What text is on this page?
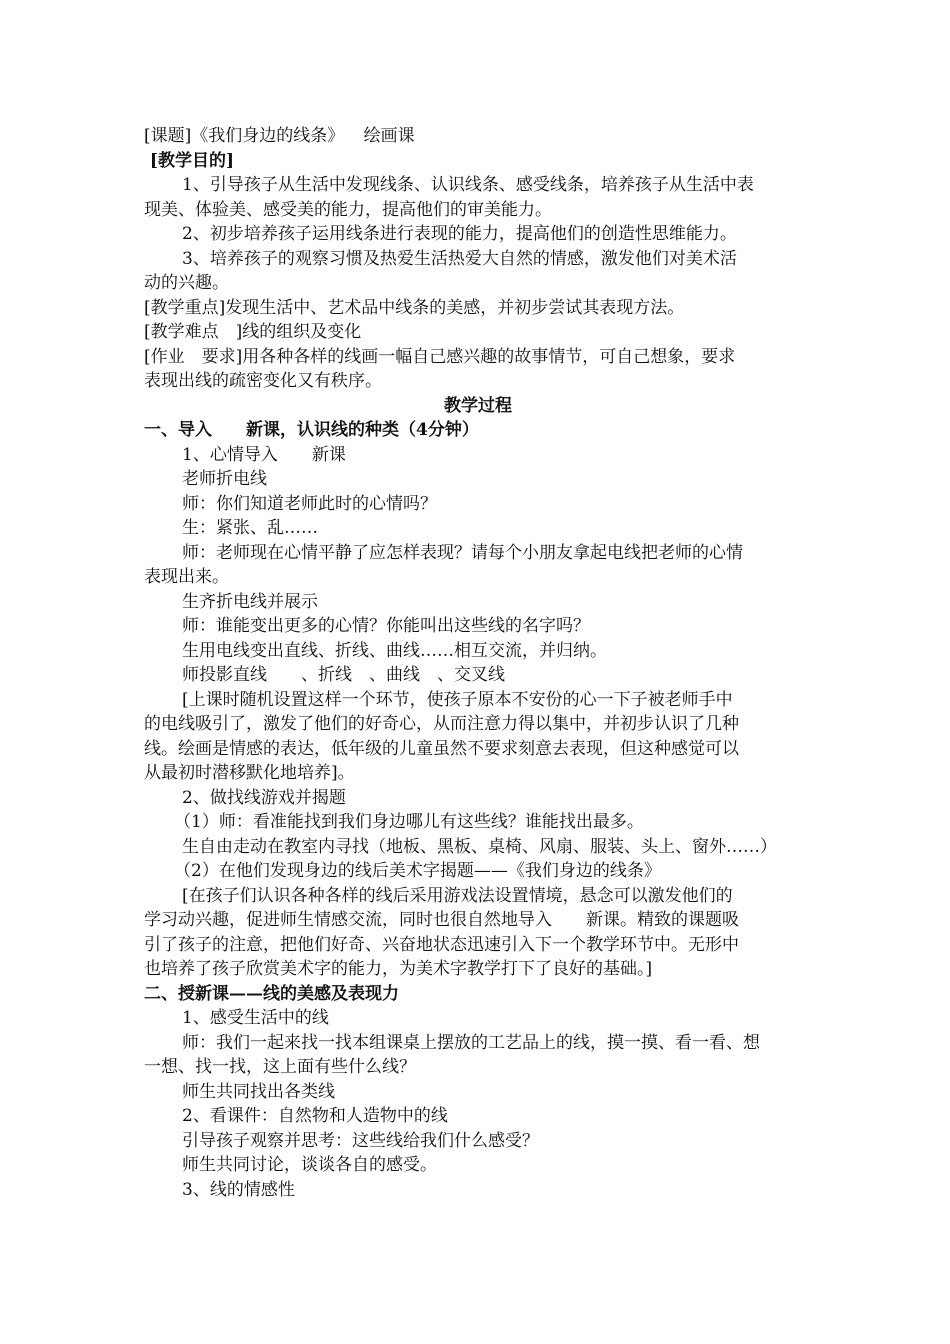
[课题]《我们身边的线条》　  绘画课
[教学目的]
1、引导孩子从生活中发现线条、认识线条、感受线条，培养孩子从生活中表
现美、体验美、感受美的能力，提高他们的审美能力。
2、初步培养孩子运用线条进行表现的能力，提高他们的创造性思维能力。
3、培养孩子的观察习惯及热爱生活热爱大自然的情感，激发他们对美术活
动的兴趣。
[教学重点]发现生活中、艺术品中线条的美感，并初步尝试其表现方法。
[教学难点　]线的组织及变化
[作业　要求]用各种各样的线画一幅自己感兴趣的故事情节，可自己想象，要求
表现出线的疏密变化又有秩序。
教学过程
一、导入　　新课，认识线的种类（4分钟）
1、心情导入　　新课
老师折电线
师：你们知道老师此时的心情吗？
生：紧张、乱……
师：老师现在心情平静了应怎样表现？请每个小朋友拿起电线把老师的心情
表现出来。
生齐折电线并展示
师：谁能变出更多的心情？你能叫出这些线的名字吗？
生用电线变出直线、折线、曲线……相互交流，并归纳。
师投影直线　　、折线　、曲线　、交叉线
[上课时随机设置这样一个环节，使孩子原本不安份的心一下子被老师手中
的电线吸引了，激发了他们的好奇心，从而注意力得以集中，并初步认识了几种
线。绘画是情感的表达，低年级的儿童虽然不要求刻意去表现，但这种感觉可以
从最初时潜移默化地培养]。
2、做找线游戏并揭题
（1）师：看准能找到我们身边哪儿有这些线？谁能找出最多。
生自由走动在教室内寻找（地板、黑板、桌椅、风扇、服装、头上、窗外……）
（2）在他们发现身边的线后美术字揭题——《我们身边的线条》
[在孩子们认识各种各样的线后采用游戏法设置情境，悬念可以激发他们的
学习动兴趣，促进师生情感交流，同时也很自然地导入　　新课。精致的课题吸
引了孩子的注意，把他们好奇、兴奋地状态迅速引入下一个教学环节中。无形中
也培养了孩子欣赏美术字的能力，为美术字教学打下了良好的基础。]
二、授新课——线的美感及表现力
1、感受生活中的线
师：我们一起来找一找本组课桌上摆放的工艺品上的线，摸一摸、看一看、想
一想、找一找，这上面有些什么线？
师生共同找出各类线
2、看课件：自然物和人造物中的线
引导孩子观察并思考：这些线给我们什么感受？
师生共同讨论，谈谈各自的感受。
3、线的情感性
